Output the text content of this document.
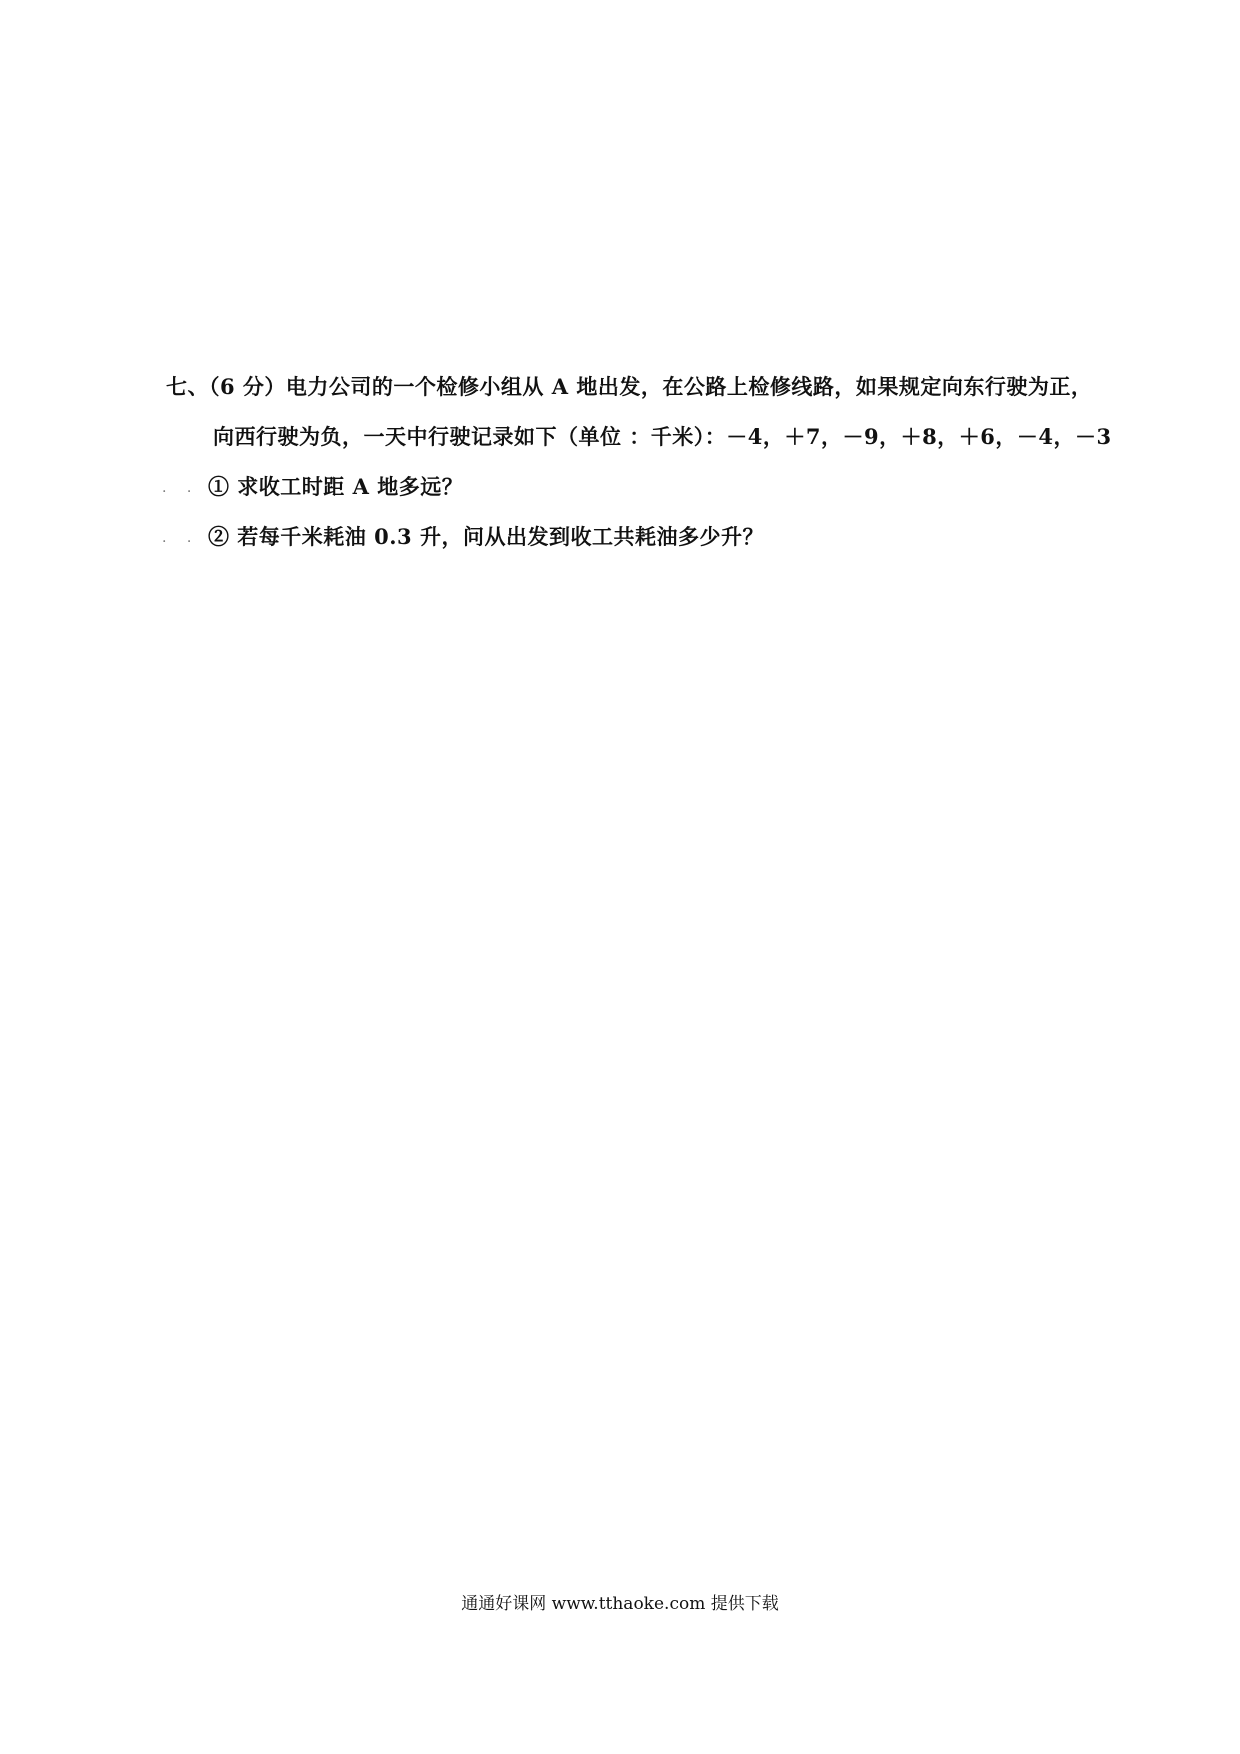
七、（6 分）电力公司的一个检修小组从 A 地出发，在公路上检修线路，如果规定向东行驶为正，
向西行驶为负，一天中行驶记录如下（单位 ：千米）：－4，＋7，－9，＋8，＋6，－4，－3
. . ① 求收工时距 A 地多远？
. . ② 若每千米耗油 0.3 升，问从出发到收工共耗油多少升？
通通好课网 www.tthaoke.com 提供下载
